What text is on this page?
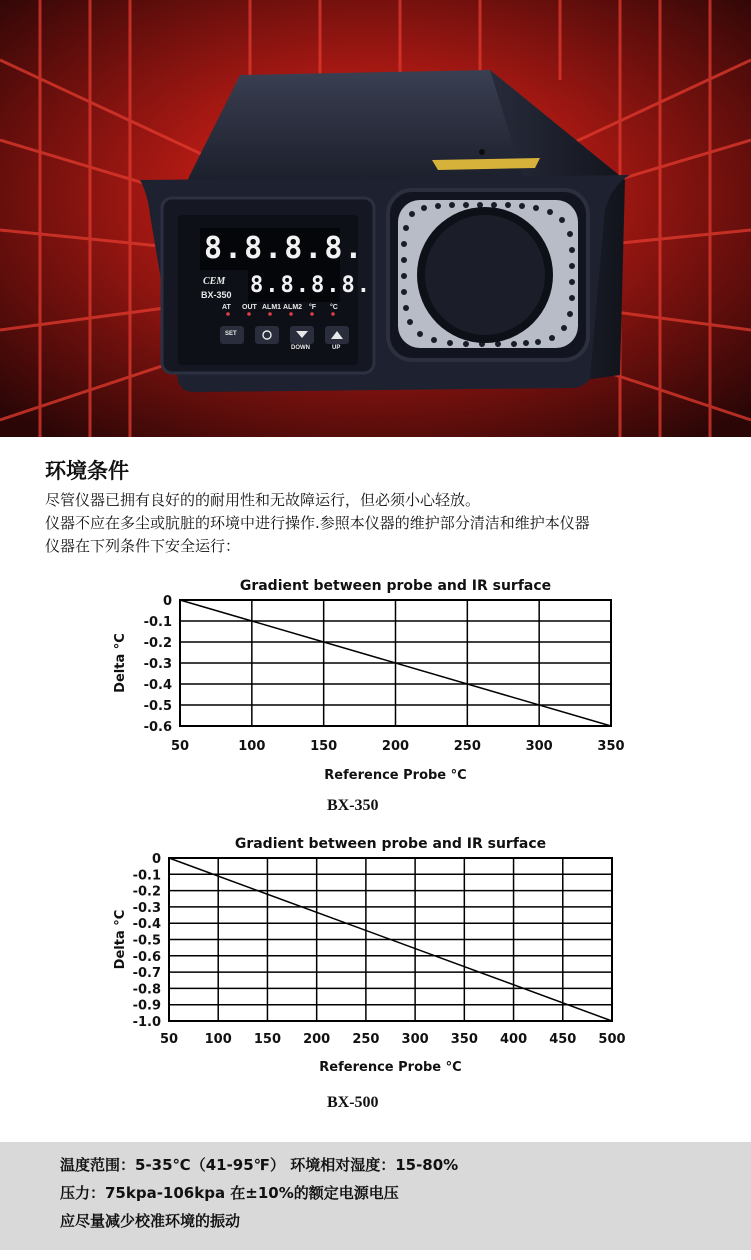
8.8.8.8.
8.8.8.8.
CEM
BX-350
AT OUT ALM1 ALM2 °F °C
SET
DOWN	UP
环境条件
尽管仪器已拥有良好的的耐用性和无故障运行，但必须小心轻放。
仪器不应在多尘或肮脏的环境中进行操作.参照本仪器的维护部分清洁和维护本仪器
仪器在下列条件下安全运行：
Gradient between probe and IR surface
50	100	150	200	250	300	350
0
-0.1
-0.2
-0.3
-0.4
-0.5
-0.6
Reference Probe °C
Delta °C
BX-350
Gradient between probe and IR surface
50 100 150 200 250 300 350 400 450 500
0
-0.1
-0.2
-0.3
-0.4
-0.5
-0.6
-0.7
-0.8
-0.9
-1.0
Reference Probe °C
Delta °C
BX-500
温度范围：5-35℃（41-95℉） 环境相对湿度：15-80%
压力：75kpa-106kpa 在±10%的额定电源电压
应尽量减少校准环境的振动
